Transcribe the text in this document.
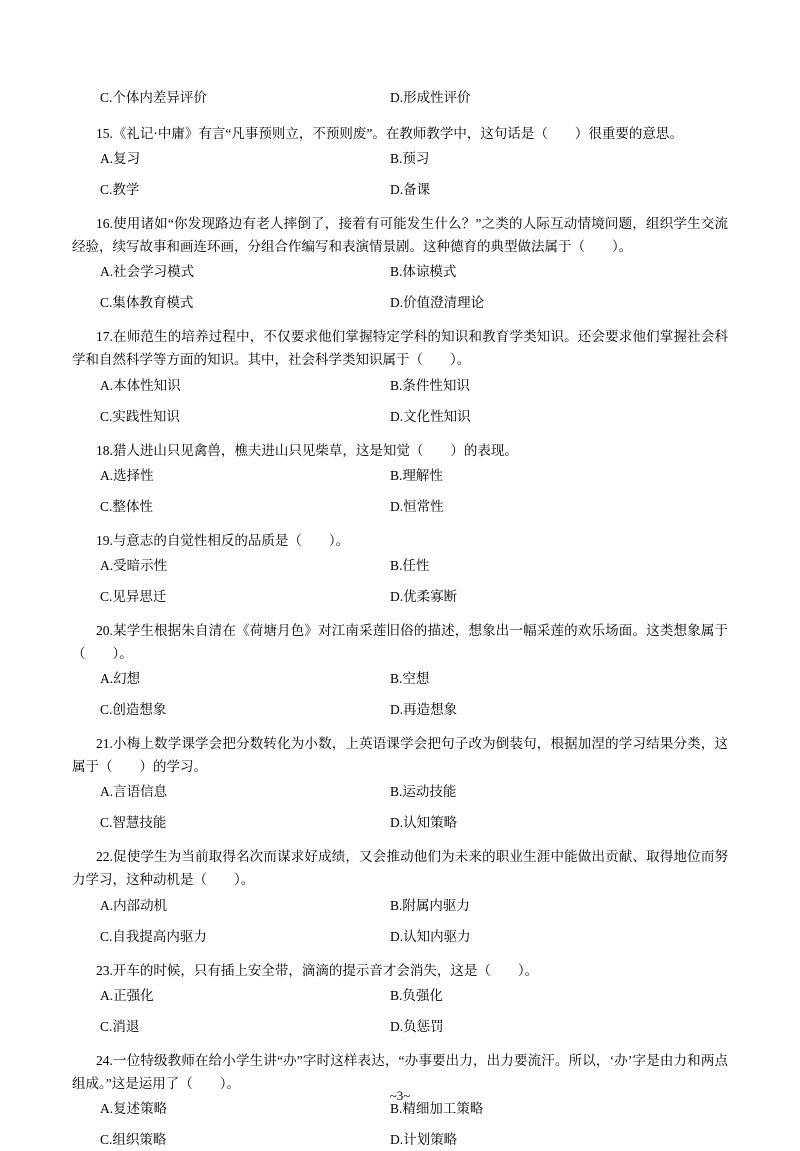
C.个体内差异评价	D.形成性评价

15.《礼记·中庸》有言“凡事预则立，不预则废”。在教师教学中，这句话是（　　）很重要的意思。

A.复习	B.预习
C.教学	D.备课

16.使用诸如“你发现路边有老人摔倒了，接着有可能发生什么？”之类的人际互动情境问题，组织学生交流经验，续写故事和画连环画，分组合作编写和表演情景剧。这种德育的典型做法属于（　　）。

A.社会学习模式	B.体谅模式
C.集体教育模式	D.价值澄清理论

17.在师范生的培养过程中，不仅要求他们掌握特定学科的知识和教育学类知识。还会要求他们掌握社会科学和自然科学等方面的知识。其中，社会科学类知识属于（　　）。

A.本体性知识	B.条件性知识
C.实践性知识	D.文化性知识

18.猎人进山只见禽兽，樵夫进山只见柴草，这是知觉（　　）的表现。

A.选择性	B.理解性
C.整体性	D.恒常性

19.与意志的自觉性相反的品质是（　　）。

A.受暗示性	B.任性
C.见异思迁	D.优柔寡断

20.某学生根据朱自清在《荷塘月色》对江南采莲旧俗的描述，想象出一幅采莲的欢乐场面。这类想象属于（　　）。

A.幻想	B.空想
C.创造想象	D.再造想象

21.小梅上数学课学会把分数转化为小数，上英语课学会把句子改为倒装句，根据加涅的学习结果分类，这属于（　　）的学习。

A.言语信息	B.运动技能
C.智慧技能	D.认知策略

22.促使学生为当前取得名次而谋求好成绩，又会推动他们为未来的职业生涯中能做出贡献、取得地位而努力学习，这种动机是（　　）。

A.内部动机	B.附属内驱力
C.自我提高内驱力	D.认知内驱力

23.开车的时候，只有插上安全带，滴滴的提示音才会消失，这是（　　）。

A.正强化	B.负强化
C.消退	D.负惩罚

24.一位特级教师在给小学生讲“办”字时这样表达，“办事要出力，出力要流汗。所以，‘办’字是由力和两点组成。”这是运用了（　　）。

A.复述策略	B.精细加工策略
C.组织策略	D.计划策略
~3~
